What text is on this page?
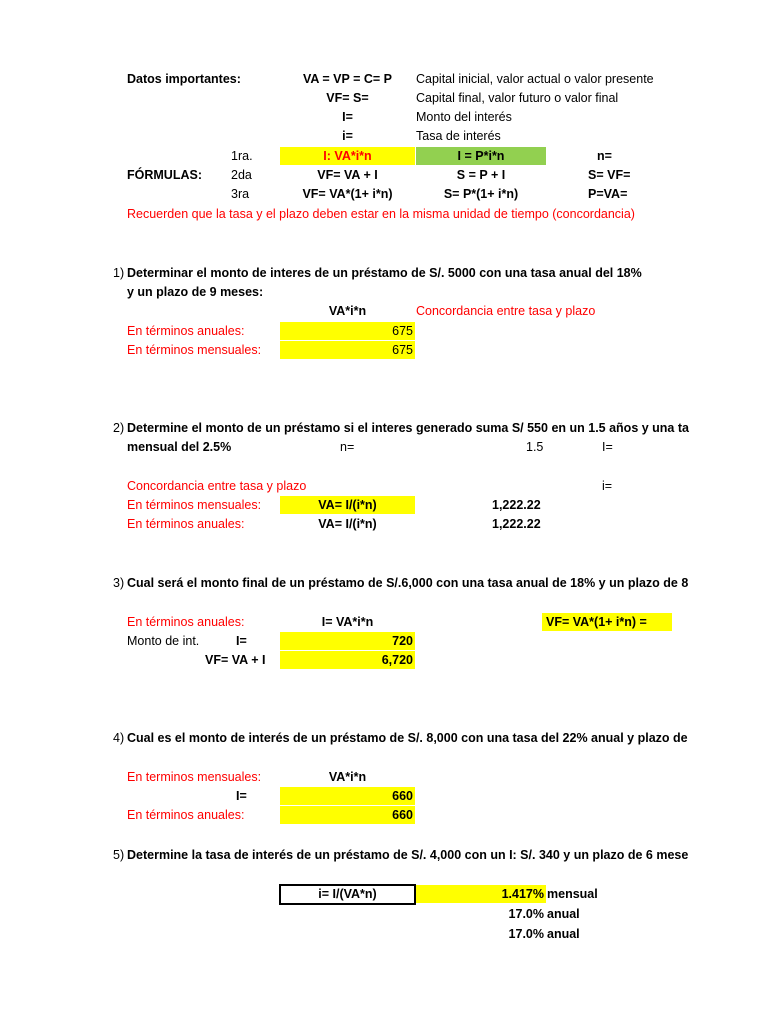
Datos importantes:	VA = VP = C= P	Capital inicial, valor actual o valor presente
VF= S=	Capital final, valor futuro o valor final
I=	Monto del interés
i=	Tasa de interés
1ra.	I: VA*i*n	I = P*i*n	n=
FÓRMULAS: 2da	VF= VA + I	S = P + I	S= VF=
3ra	VF= VA*(1+ i*n)	S= P*(1+ i*n)	P=VA=
Recuerden que la tasa y el plazo deben estar en la misma unidad de tiempo (concordancia)
1) Determinar el monto de interes de un préstamo de S/. 5000 con una tasa anual del 18%
y un plazo de 9 meses:
VA*i*n	Concordancia entre tasa y plazo
En términos anuales:	675
En términos mensuales:	675
2) Determine el monto de un préstamo si el interes generado suma S/ 550 en un 1.5 años y una ta
mensual del 2.5%	n=	1.5	I=
Concordancia entre tasa y plazo	i=
En términos mensuales:	VA= I/(i*n)	1,222.22
En términos anuales:	VA= I/(i*n)	1,222.22
3) Cual será el monto final de un préstamo de S/.6,000 con una tasa anual de 18% y un plazo de 8
En términos anuales:	I= VA*i*n	VF= VA*(1+ i*n) =
Monto de int.	I=	720
VF= VA + I	6,720
4) Cual es el monto de interés de un préstamo de S/. 8,000 con una tasa del 22% anual y plazo de
En terminos mensuales:	VA*i*n
I=	660
En términos anuales:	660
5) Determine la tasa de interés de un préstamo de S/. 4,000 con un I: S/. 340 y un plazo de 6 mese
i= I/(VA*n)	1.417% mensual
17.0% anual
17.0% anual
